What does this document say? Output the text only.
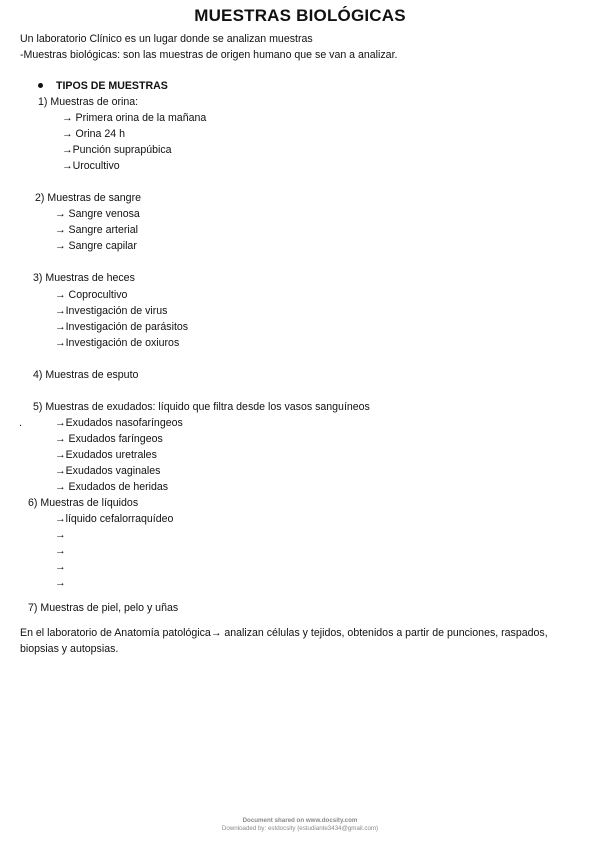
MUESTRAS BIOLÓGICAS
Un laboratorio Clínico es un lugar donde se analizan muestras
-Muestras biológicas: son las muestras de origen humano que se van a analizar.
TIPOS DE MUESTRAS
1) Muestras de orina:
→ Primera orina de la mañana
→ Orina 24 h
→Punción suprapúbica
→Urocultivo
2) Muestras de sangre
→ Sangre venosa
→ Sangre arterial
→ Sangre capilar
3) Muestras de heces
→ Coprocultivo
→Investigación de virus
→Investigación de parásitos
→Investigación de oxiuros
4) Muestras de esputo
5) Muestras de exudados: líquido que filtra desde los vasos sanguíneos
.	→Exudados nasofaríngeos
→ Exudados faríngeos
→Exudados uretrales
→Exudados vaginales
→ Exudados de heridas
6) Muestras de líquidos
→líquido cefalorraquídeo
→
→
→
→
7) Muestras de piel, pelo y uñas
En el laboratorio de Anatomía patológica→ analizan células y tejidos, obtenidos a partir de punciones, raspados,
biopsias y autopsias.
Document shared on www.docsity.com
Downloaded by: estdocsity (estudiante3434@gmail.com)
